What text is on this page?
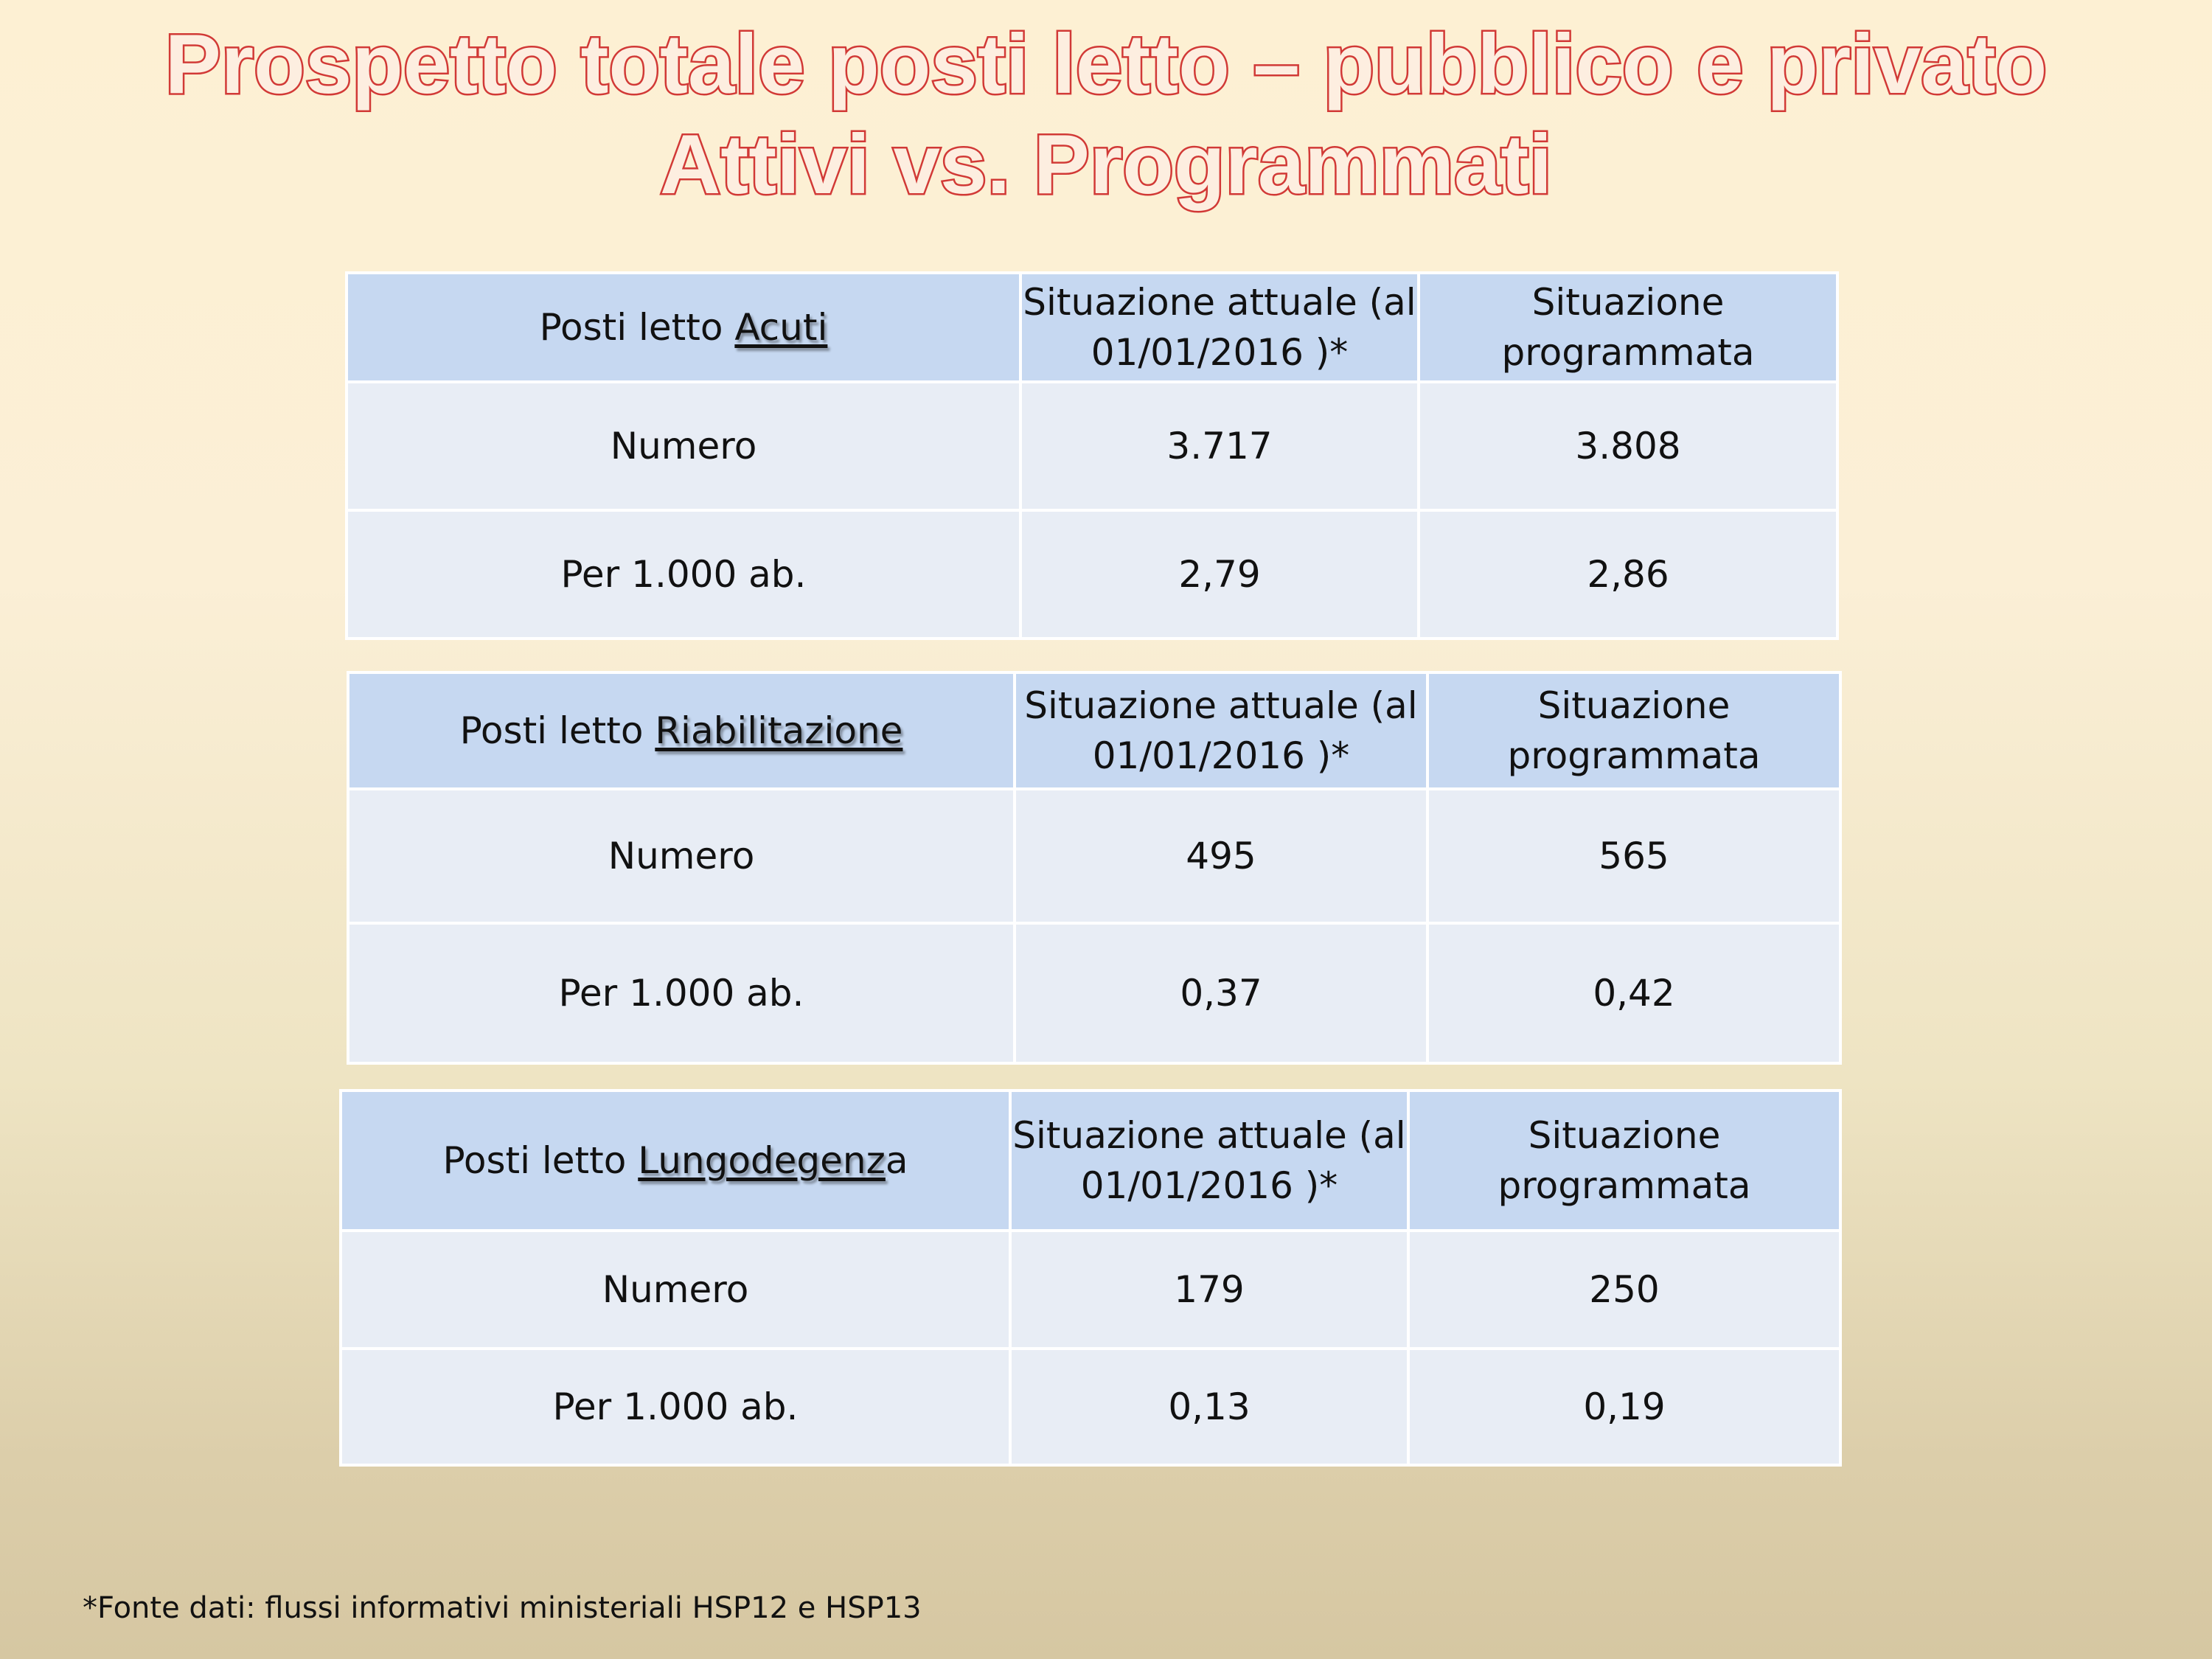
Prospetto totale posti letto – pubblico e privato
Attivi vs. Programmati
Posti letto Acuti	Situazione attuale (al 01/01/2016 )*	Situazione programmata
Numero	3.717	3.808
Per 1.000 ab.	2,79	2,86
Posti letto Riabilitazione	Situazione attuale (al 01/01/2016 )*	Situazione programmata
Numero	495	565
Per 1.000 ab.	0,37	0,42
Posti letto Lungodegenza	Situazione attuale (al 01/01/2016 )*	Situazione programmata
Numero	179	250
Per 1.000 ab.	0,13	0,19
*Fonte dati: flussi informativi ministeriali HSP12 e HSP13
